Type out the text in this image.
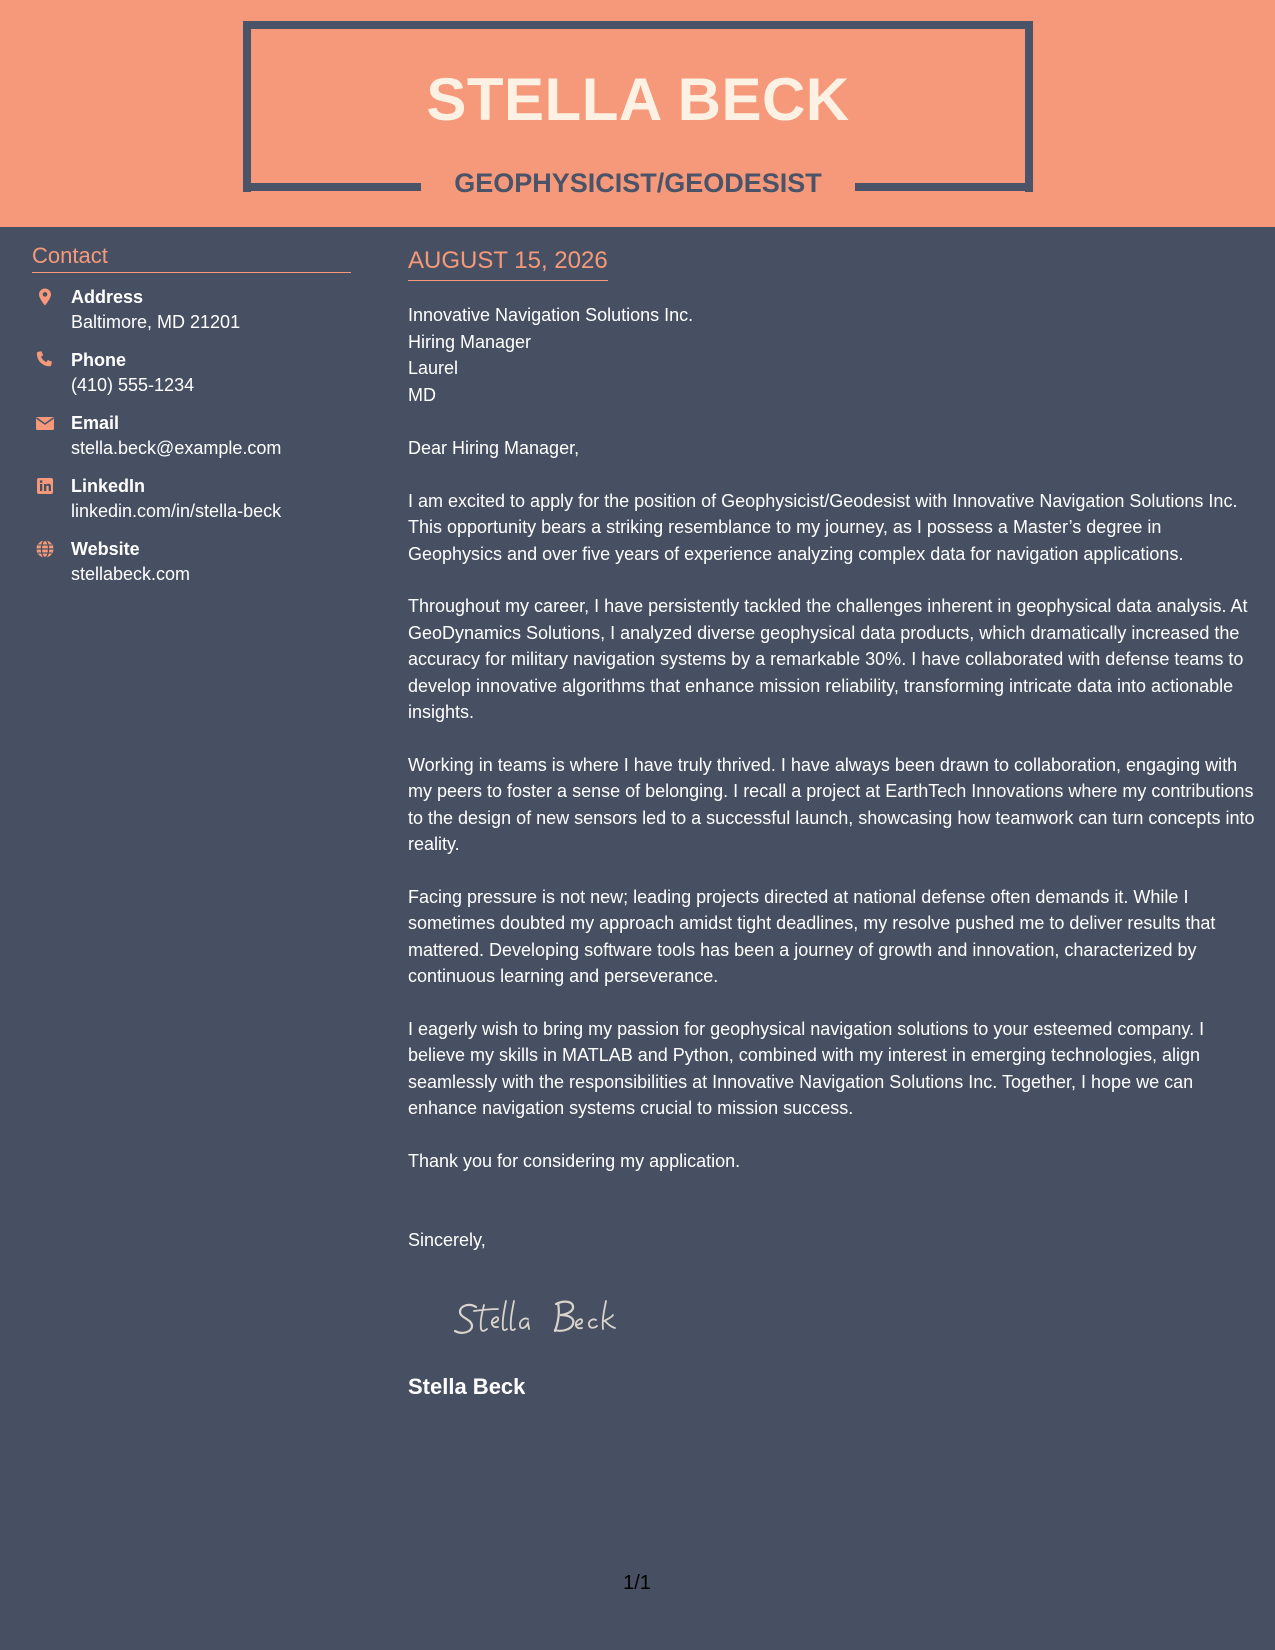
STELLA BECK
GEOPHYSICIST/GEODESIST
Contact
Address
Baltimore, MD 21201
Phone
(410) 555-1234
Email
stella.beck@example.com
LinkedIn
linkedin.com/in/stella-beck
Website
stellabeck.com
AUGUST 15, 2026
Innovative Navigation Solutions Inc.
Hiring Manager
Laurel
MD

Dear Hiring Manager,

I am excited to apply for the position of Geophysicist/Geodesist with Innovative Navigation Solutions Inc. This opportunity bears a striking resemblance to my journey, as I possess a Master’s degree in Geophysics and over five years of experience analyzing complex data for navigation applications.

Throughout my career, I have persistently tackled the challenges inherent in geophysical data analysis. At GeoDynamics Solutions, I analyzed diverse geophysical data products, which dramatically increased the accuracy for military navigation systems by a remarkable 30%. I have collaborated with defense teams to develop innovative algorithms that enhance mission reliability, transforming intricate data into actionable insights.

Working in teams is where I have truly thrived. I have always been drawn to collaboration, engaging with my peers to foster a sense of belonging. I recall a project at EarthTech Innovations where my contributions to the design of new sensors led to a successful launch, showcasing how teamwork can turn concepts into reality.

Facing pressure is not new; leading projects directed at national defense often demands it. While I sometimes doubted my approach amidst tight deadlines, my resolve pushed me to deliver results that mattered. Developing software tools has been a journey of growth and innovation, characterized by continuous learning and perseverance.

I eagerly wish to bring my passion for geophysical navigation solutions to your esteemed company. I believe my skills in MATLAB and Python, combined with my interest in emerging technologies, align seamlessly with the responsibilities at Innovative Navigation Solutions Inc. Together, I hope we can enhance navigation systems crucial to mission success.

Thank you for considering my application.

Sincerely,

Stella Beck
1/1
